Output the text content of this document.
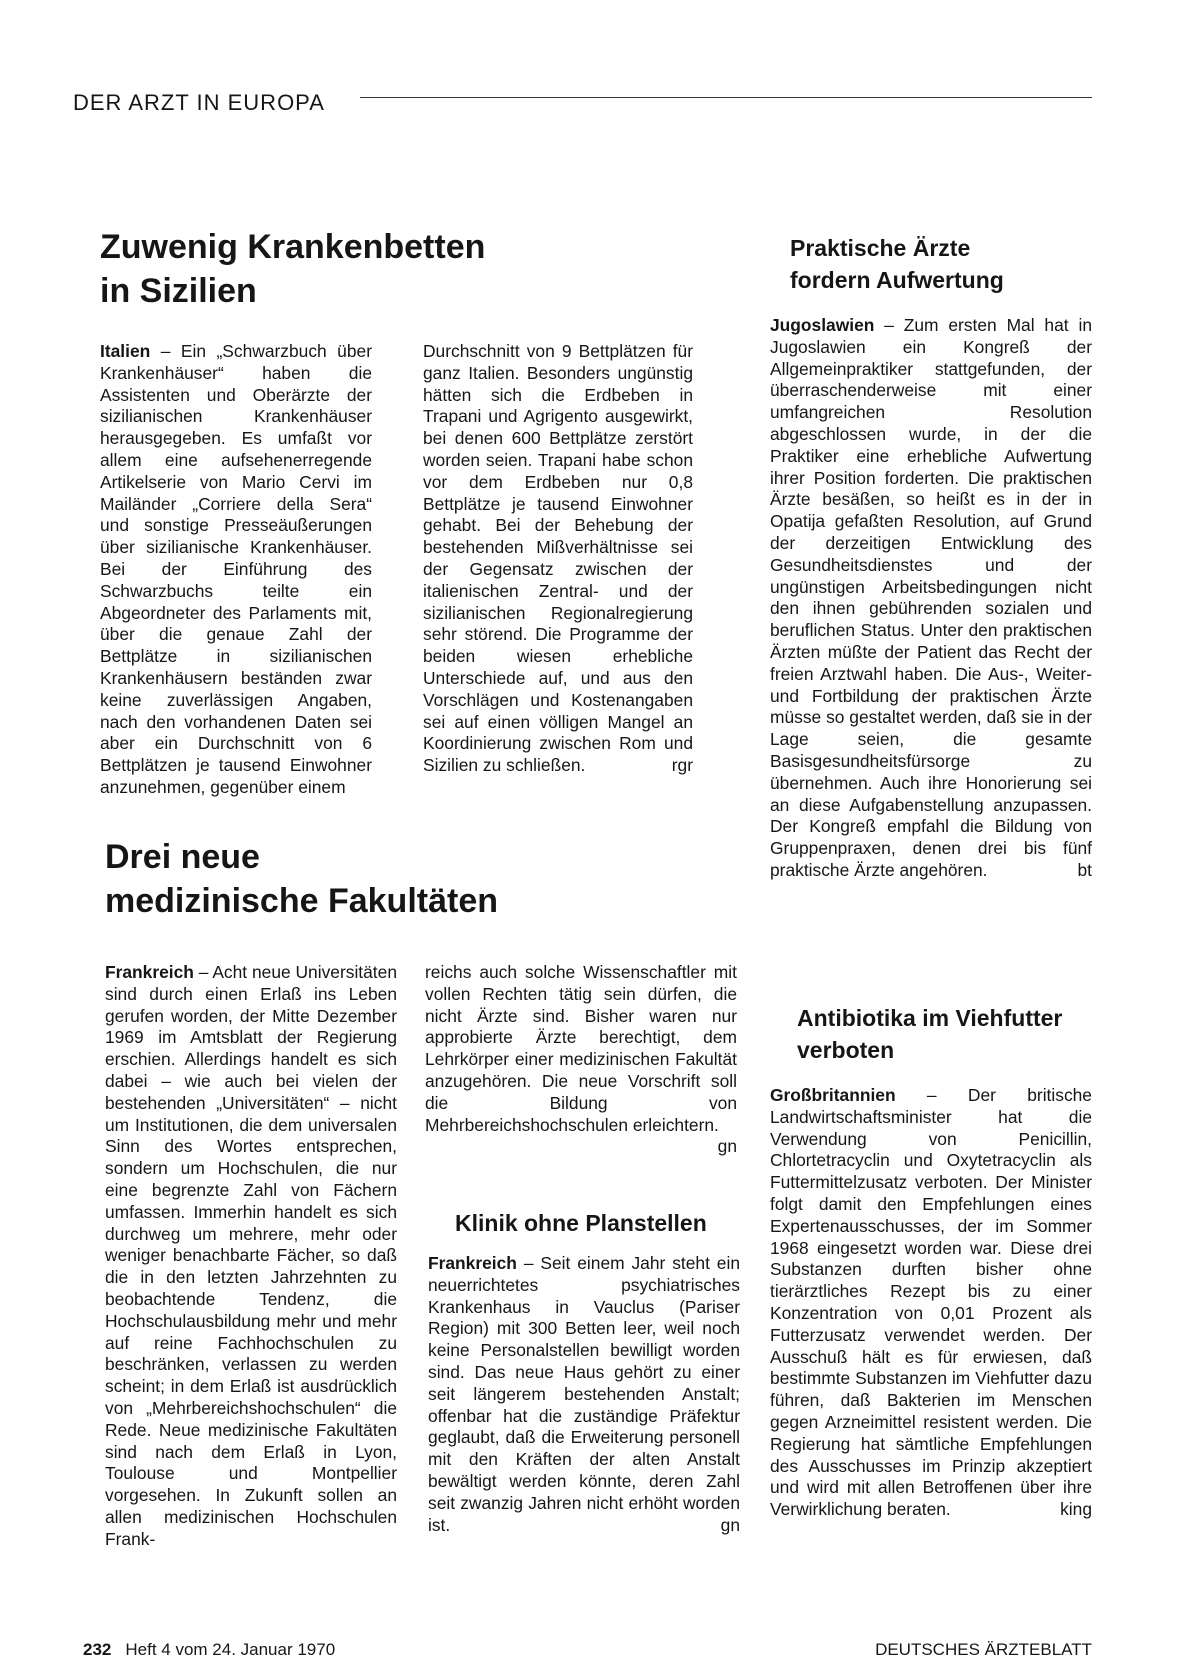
DER ARZT IN EUROPA
Zuwenig Krankenbetten
in Sizilien

Italien – Ein „Schwarzbuch über Krankenhäuser“ haben die Assistenten und Oberärzte der sizilianischen Krankenhäuser herausgegeben. Es umfaßt vor allem eine aufsehenerregende Artikelserie von Mario Cervi im Mailänder „Corriere della Sera“ und sonstige Presseäußerungen über sizilianische Krankenhäuser. Bei der Einführung des Schwarzbuchs teilte ein Abgeordneter des Parlaments mit, über die genaue Zahl der Bettplätze in sizilianischen Krankenhäusern beständen zwar keine zuverlässigen Angaben, nach den vorhandenen Daten sei aber ein Durchschnitt von 6 Bettplätzen je tausend Einwohner anzunehmen, gegenüber einem

Durchschnitt von 9 Bettplätzen für ganz Italien. Besonders ungünstig hätten sich die Erdbeben in Trapani und Agrigento ausgewirkt, bei denen 600 Bettplätze zerstört worden seien. Trapani habe schon vor dem Erdbeben nur 0,8 Bettplätze je tausend Einwohner gehabt. Bei der Behebung der bestehenden Mißverhältnisse sei der Gegensatz zwischen der italienischen Zentral- und der sizilianischen Regionalregierung sehr störend. Die Programme der beiden wiesen erhebliche Unterschiede auf, und aus den Vorschlägen und Kostenangaben sei auf einen völligen Mangel an Koordinierung zwischen Rom und Sizilien zu schließen.	rgr

Praktische Ärzte
fordern Aufwertung

Jugoslawien – Zum ersten Mal hat in Jugoslawien ein Kongreß der Allgemeinpraktiker stattgefunden, der überraschenderweise mit einer umfangreichen Resolution abgeschlossen wurde, in der die Praktiker eine erhebliche Aufwertung ihrer Position forderten. Die praktischen Ärzte besäßen, so heißt es in der in Opatija gefaßten Resolution, auf Grund der derzeitigen Entwicklung des Gesundheitsdienstes und der ungünstigen Arbeitsbedingungen nicht den ihnen gebührenden sozialen und beruflichen Status. Unter den praktischen Ärzten müßte der Patient das Recht der freien Arztwahl haben. Die Aus-, Weiter- und Fortbildung der praktischen Ärzte müsse so gestaltet werden, daß sie in der Lage seien, die gesamte Basisgesundheitsfürsorge zu übernehmen. Auch ihre Honorierung sei an diese Aufgabenstellung anzupassen. Der Kongreß empfahl die Bildung von Gruppenpraxen, denen drei bis fünf praktische Ärzte angehören.	bt

Drei neue
medizinische Fakultäten

Frankreich – Acht neue Universitäten sind durch einen Erlaß ins Leben gerufen worden, der Mitte Dezember 1969 im Amtsblatt der Regierung erschien. Allerdings handelt es sich dabei – wie auch bei vielen der bestehenden „Universitäten“ – nicht um Institutionen, die dem universalen Sinn des Wortes entsprechen, sondern um Hochschulen, die nur eine begrenzte Zahl von Fächern umfassen. Immerhin handelt es sich durchweg um mehrere, mehr oder weniger benachbarte Fächer, so daß die in den letzten Jahrzehnten zu beobachtende Tendenz, die Hochschulausbildung mehr und mehr auf reine Fachhochschulen zu beschränken, verlassen zu werden scheint; in dem Erlaß ist ausdrücklich von „Mehrbereichshochschulen“ die Rede. Neue medizinische Fakultäten sind nach dem Erlaß in Lyon, Toulouse und Montpellier vorgesehen. In Zukunft sollen an allen medizinischen Hochschulen Frank-

reichs auch solche Wissenschaftler mit vollen Rechten tätig sein dürfen, die nicht Ärzte sind. Bisher waren nur approbierte Ärzte berechtigt, dem Lehrkörper einer medizinischen Fakultät anzugehören. Die neue Vorschrift soll die Bildung von Mehrbereichshochschulen erleichtern.
gn

Klinik ohne Planstellen

Frankreich – Seit einem Jahr steht ein neuerrichtetes psychiatrisches Krankenhaus in Vauclus (Pariser Region) mit 300 Betten leer, weil noch keine Personalstellen bewilligt worden sind. Das neue Haus gehört zu einer seit längerem bestehenden Anstalt; offenbar hat die zuständige Präfektur geglaubt, daß die Erweiterung personell mit den Kräften der alten Anstalt bewältigt werden könnte, deren Zahl seit zwanzig Jahren nicht erhöht worden ist.	gn

Antibiotika im Viehfutter
verboten

Großbritannien – Der britische Landwirtschaftsminister hat die Verwendung von Penicillin, Chlortetracyclin und Oxytetracyclin als Futtermittelzusatz verboten. Der Minister folgt damit den Empfehlungen eines Expertenausschusses, der im Sommer 1968 eingesetzt worden war. Diese drei Substanzen durften bisher ohne tierärztliches Rezept bis zu einer Konzentration von 0,01 Prozent als Futterzusatz verwendet werden. Der Ausschuß hält es für erwiesen, daß bestimmte Substanzen im Viehfutter dazu führen, daß Bakterien im Menschen gegen Arzneimittel resistent werden. Die Regierung hat sämtliche Empfehlungen des Ausschusses im Prinzip akzeptiert und wird mit allen Betroffenen über ihre Verwirklichung beraten.	king

232 Heft 4 vom 24. Januar 1970	DEUTSCHES ÄRZTEBLATT
